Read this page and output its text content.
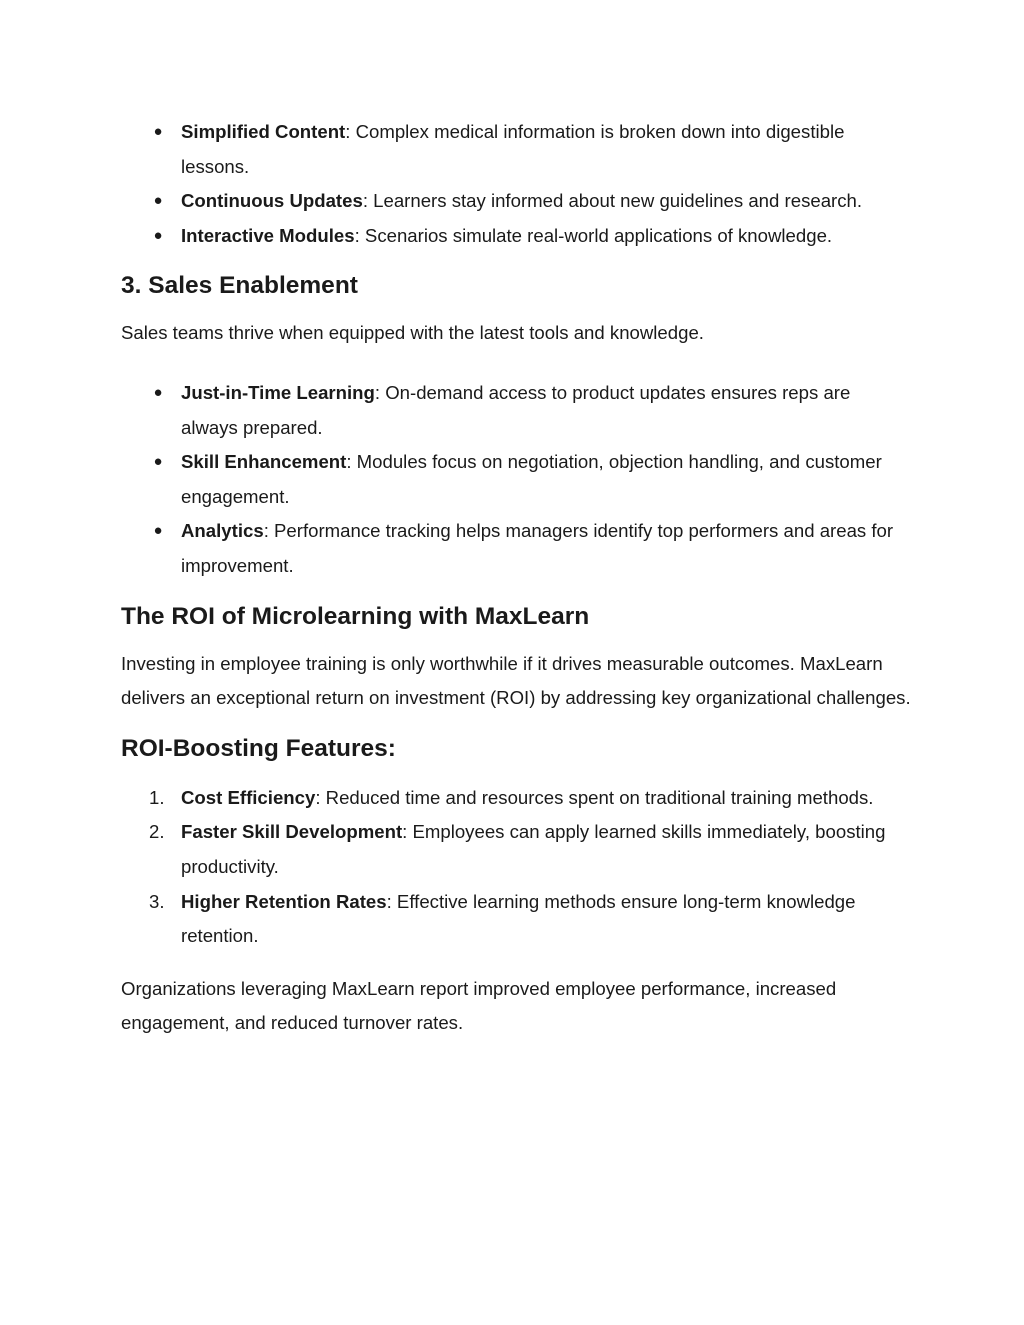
● Simplified Content: Complex medical information is broken down into digestible lessons.
● Continuous Updates: Learners stay informed about new guidelines and research.
● Interactive Modules: Scenarios simulate real-world applications of knowledge.
3. Sales Enablement

Sales teams thrive when equipped with the latest tools and knowledge.

● Just-in-Time Learning: On-demand access to product updates ensures reps are always prepared.
● Skill Enhancement: Modules focus on negotiation, objection handling, and customer engagement.
● Analytics: Performance tracking helps managers identify top performers and areas for improvement.
The ROI of Microlearning with MaxLearn

Investing in employee training is only worthwhile if it drives measurable outcomes. MaxLearn delivers an exceptional return on investment (ROI) by addressing key organizational challenges.

ROI-Boosting Features:
1. Cost Efficiency: Reduced time and resources spent on traditional training methods.
2. Faster Skill Development: Employees can apply learned skills immediately, boosting productivity.
3. Higher Retention Rates: Effective learning methods ensure long-term knowledge retention.

Organizations leveraging MaxLearn report improved employee performance, increased engagement, and reduced turnover rates.
